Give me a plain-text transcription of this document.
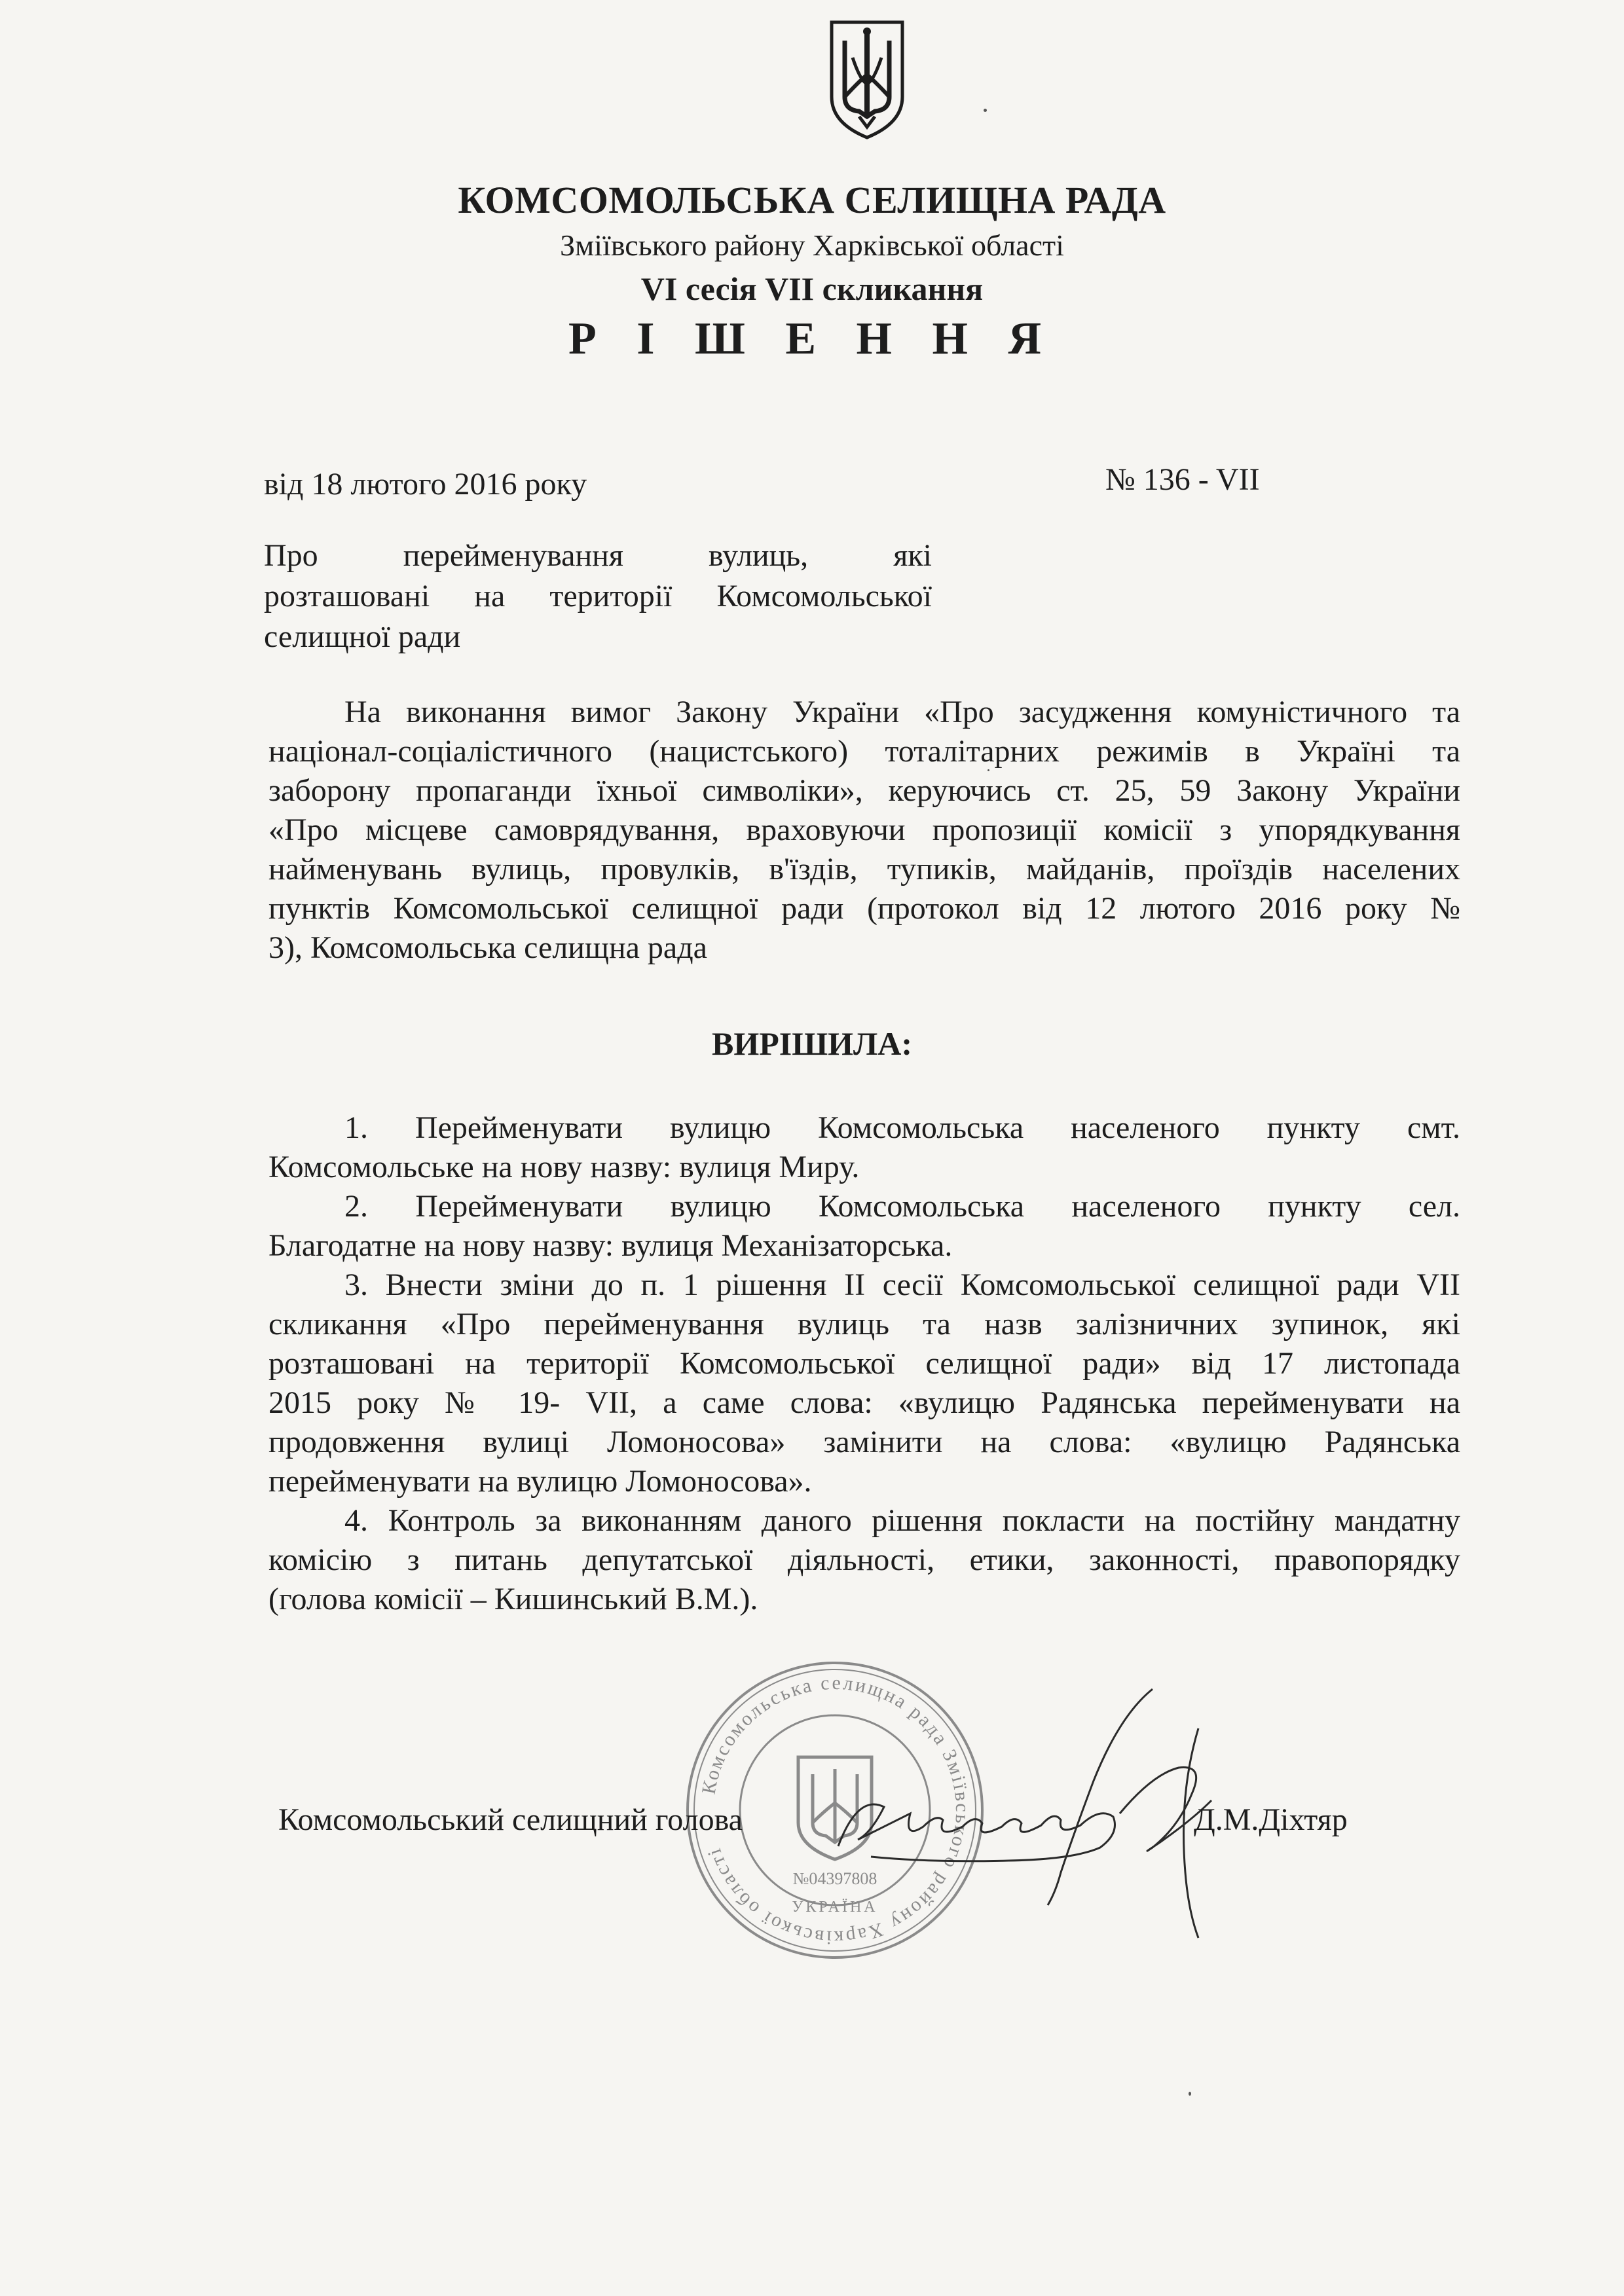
КОМСОМОЛЬСЬКА СЕЛИЩНА РАДА
Зміївського району Харківської області
VI сесія VII скликання
Р І Ш Е Н Н Я
від 18 лютого 2016 року	№ 136 - VII
Про перейменування вулиць, які
розташовані на території Комсомольської
селищної ради
На виконання вимог Закону України «Про засудження комуністичного та
націонал-соціалістичного (нацистського) тоталітарних режимів в Україні та
заборону пропаганди їхньої символіки», керуючись ст. 25, 59 Закону України
«Про місцеве самоврядування, враховуючи пропозиції комісії з упорядкування
найменувань вулиць, провулків, в'їздів, тупиків, майданів, проїздів населених
пунктів Комсомольської селищної ради (протокол від 12 лютого 2016 року №
3), Комсомольська селищна рада
ВИРІШИЛА:
1. Перейменувати вулицю Комсомольська населеного пункту смт.
Комсомольське на нову назву: вулиця Миру.
2. Перейменувати вулицю Комсомольська населеного пункту сел.
Благодатне на нову назву: вулиця Механізаторська.
3. Внести зміни до п. 1 рішення II сесії Комсомольської селищної ради VII
скликання «Про перейменування вулиць та назв залізничних зупинок, які
розташовані на території Комсомольської селищної ради» від 17 листопада
2015 року № 19- VII, а саме слова: «вулицю Радянська перейменувати на
продовження вулиці Ломоносова» замінити на слова: «вулицю Радянська
перейменувати на вулицю Ломоносова».
4. Контроль за виконанням даного рішення покласти на постійну мандатну
комісію з питань депутатської діяльності, етики, законності, правопорядку
(голова комісії – Кишинський В.М.).
Комсомольська селищна рада Зміївського району Харківської області
№04397808
УКРАЇНА
Комсомольський селищний голова	Д.М.Діхтяр
